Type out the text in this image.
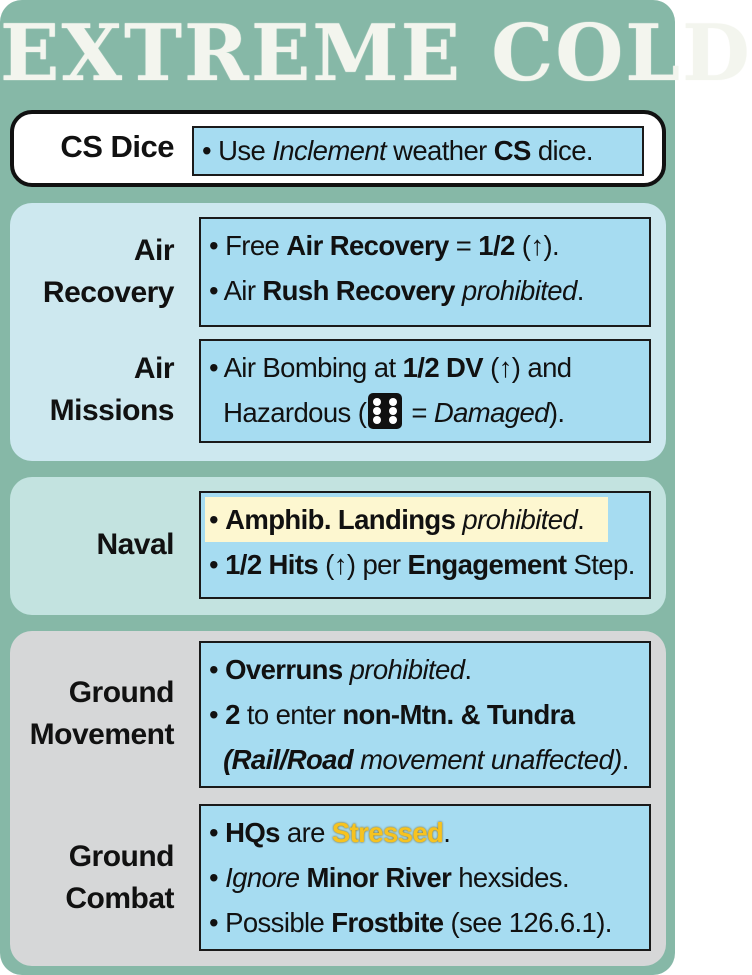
EXTREME COLD
CS Dice • Use Inclement weather CS dice.
Air
Recovery
• Free Air Recovery = 1/2 (↑).
• Air Rush Recovery prohibited.
Air
Missions
• Air Bombing at 1/2 DV (↑) and
Hazardous (
= Damaged).
Naval
• Amphib. Landings prohibited.
• 1/2 Hits (↑) per Engagement Step.
Ground
Movement
• Overruns prohibited.
• 2 to enter non-Mtn. & Tundra
(Rail/Road movement unaffected).
Ground
Combat
• HQs are Stressed.
• Ignore Minor River hexsides.
• Possible Frostbite (see 126.6.1).
